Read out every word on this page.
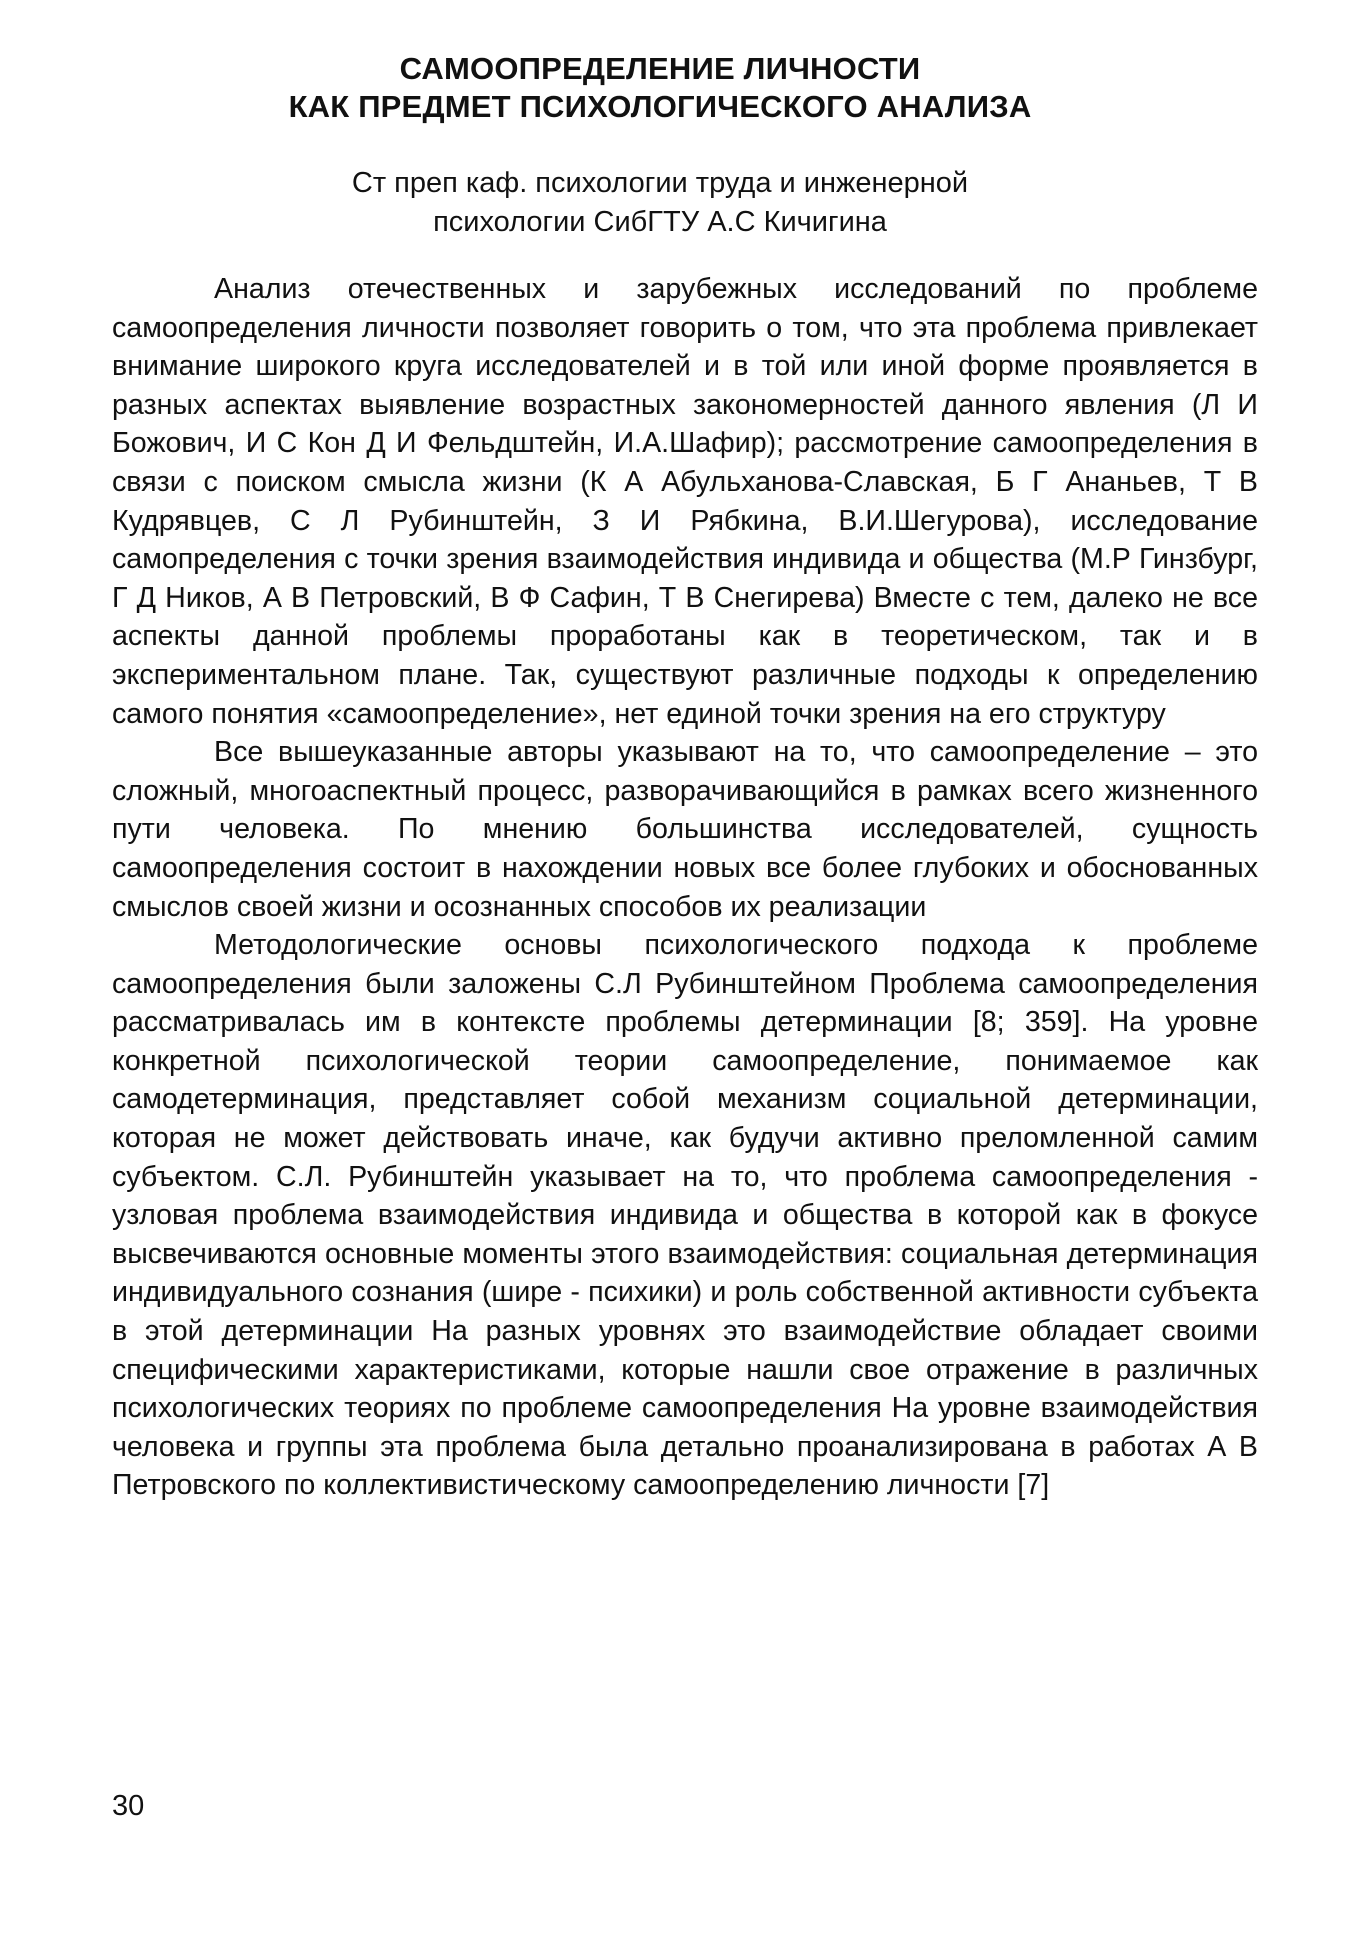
САМООПРЕДЕЛЕНИЕ ЛИЧНОСТИ
КАК ПРЕДМЕТ ПСИХОЛОГИЧЕСКОГО АНАЛИЗА
Ст преп каф. психологии труда и инженерной
психологии СибГТУ А.С Кичигина

Анализ отечественных и зарубежных исследований по проблеме самоопределения личности позволяет говорить о том, что эта проблема привлекает внимание широкого круга исследователей и в той или иной форме проявляется в разных аспектах выявление возрастных закономерностей данного явления (Л И Божович, И С Кон Д И Фельдштейн, И.А.Шафир); рассмотрение самоопределения в связи с поиском смысла жизни (К А Абульханова-Славская, Б Г Ананьев, Т В Кудрявцев, С Л Рубинштейн, З И Рябкина, В.И.Шегурова), исследование самопределения с точки зрения взаимодействия индивида и общества (М.Р Гинзбург, Г Д Ников, А В Петровский, В Ф Сафин, Т В Снегирева) Вместе с тем, далеко не все аспекты данной проблемы проработаны как в теоретическом, так и в экспериментальном плане. Так, существуют различные подходы к определению самого понятия «самоопределение», нет единой точки зрения на его структуру

Все вышеуказанные авторы указывают на то, что самоопределение – это сложный, многоаспектный процесс, разворачивающийся в рамках всего жизненного пути человека. По мнению большинства исследователей, сущность самоопределения состоит в нахождении новых все более глубоких и обоснованных смыслов своей жизни и осознанных способов их реализации

Методологические основы психологического подхода к проблеме самоопределения были заложены С.Л Рубинштейном Проблема самоопределения рассматривалась им в контексте проблемы детерминации [8; 359]. На уровне конкретной психологической теории самоопределение, понимаемое как самодетерминация, представляет собой механизм социальной детерминации, которая не может действовать иначе, как будучи активно преломленной самим субъектом. С.Л. Рубинштейн указывает на то, что проблема самоопределения - узловая проблема взаимодействия индивида и общества в которой как в фокусе высвечиваются основные моменты этого взаимодействия: социальная детерминация индивидуального сознания (шире - психики) и роль собственной активности субъекта в этой детерминации На разных уровнях это взаимодействие обладает своими специфическими характеристиками, которые нашли свое отражение в различных психологических теориях по проблеме самоопределения На уровне взаимодействия человека и группы эта проблема была детально проанализирована в работах А В Петровского по коллективистическому самоопределению личности [7]

30
